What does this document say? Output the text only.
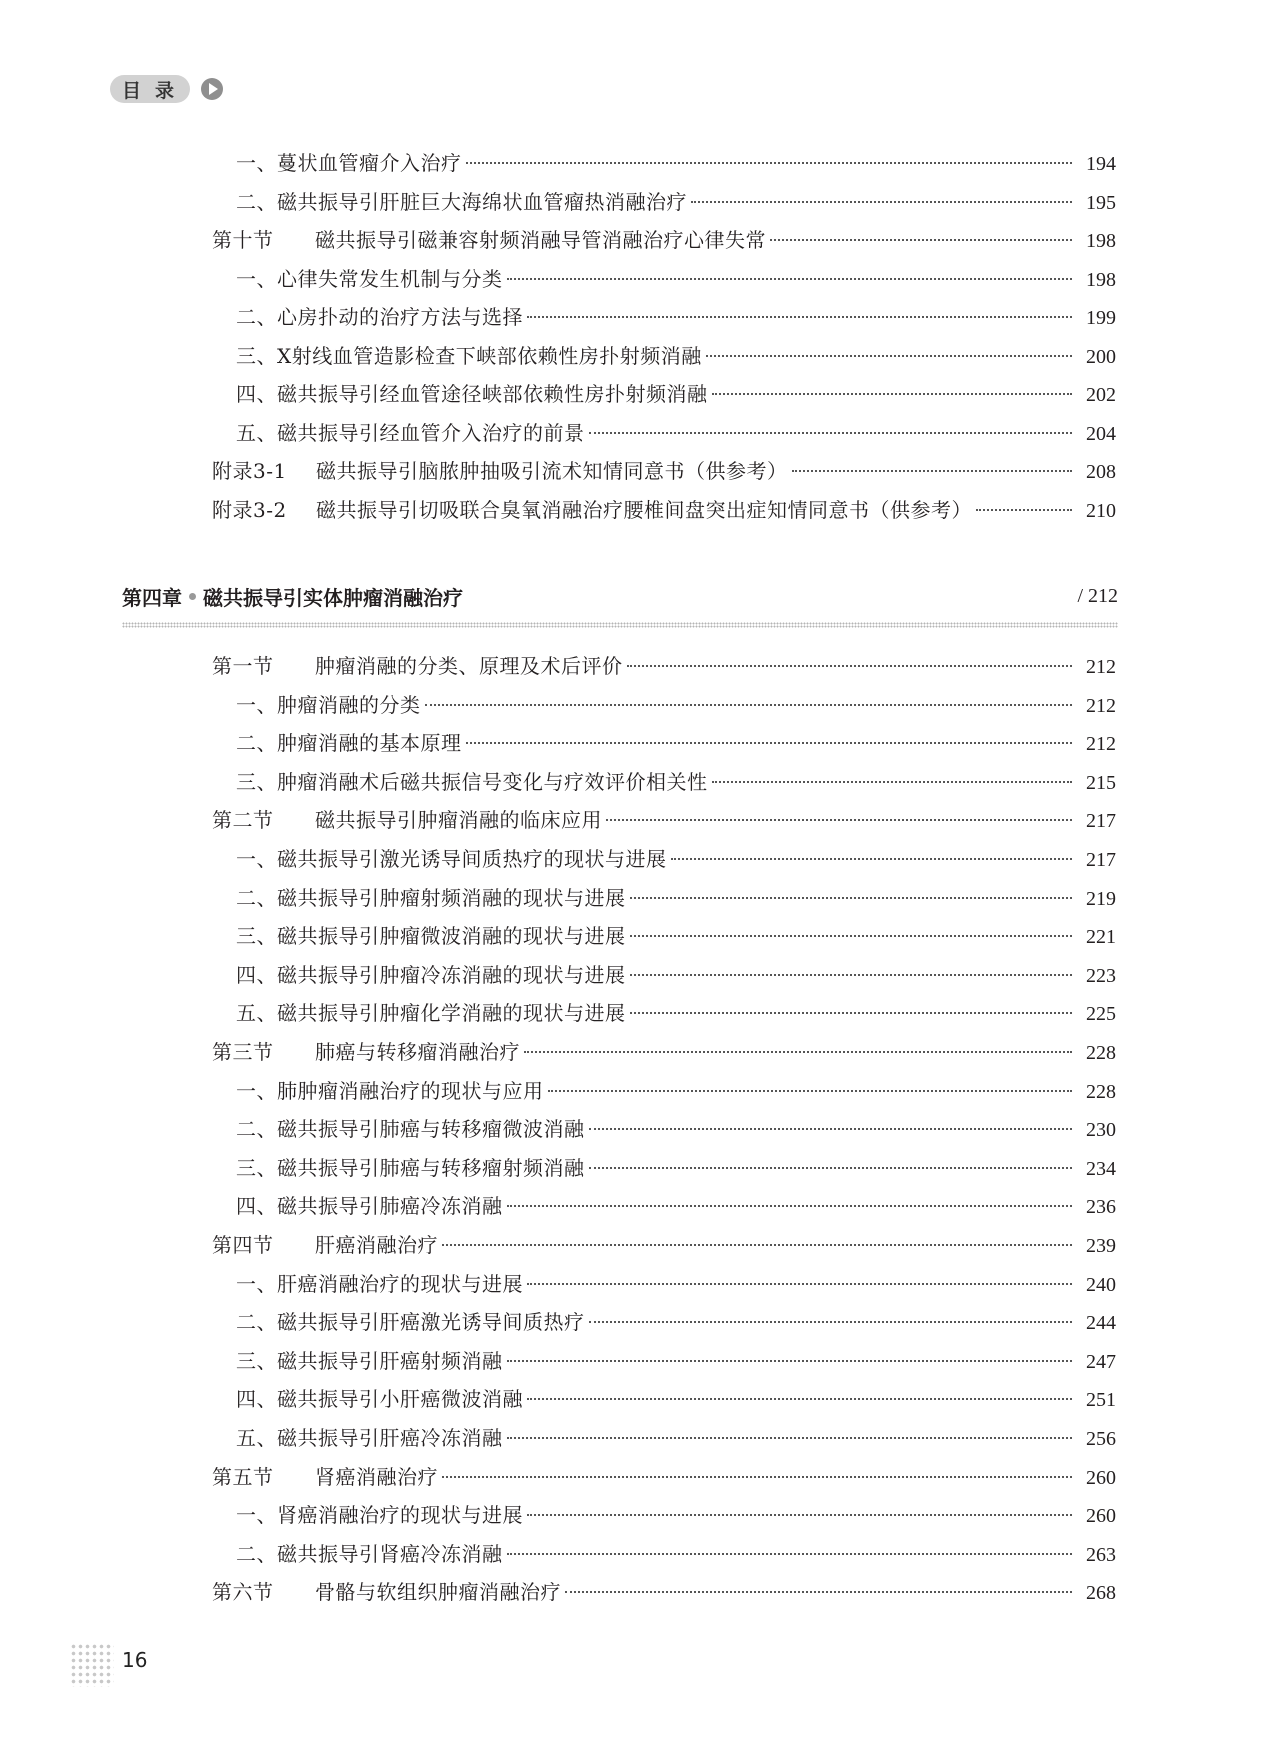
目录
一、蔓状血管瘤介入治疗	194
二、磁共振导引肝脏巨大海绵状血管瘤热消融治疗	195
第十节 磁共振导引磁兼容射频消融导管消融治疗心律失常	198
一、心律失常发生机制与分类	198
二、心房扑动的治疗方法与选择	199
三、X射线血管造影检查下峡部依赖性房扑射频消融	200
四、磁共振导引经血管途径峡部依赖性房扑射频消融	202
五、磁共振导引经血管介入治疗的前景	204
附录3-1 磁共振导引脑脓肿抽吸引流术知情同意书（供参考）	208
附录3-2 磁共振导引切吸联合臭氧消融治疗腰椎间盘突出症知情同意书（供参考）	210
第四章 磁共振导引实体肿瘤消融治疗	/ 212
第一节 肿瘤消融的分类、原理及术后评价	212
一、肿瘤消融的分类	212
二、肿瘤消融的基本原理	212
三、肿瘤消融术后磁共振信号变化与疗效评价相关性	215
第二节 磁共振导引肿瘤消融的临床应用	217
一、磁共振导引激光诱导间质热疗的现状与进展	217
二、磁共振导引肿瘤射频消融的现状与进展	219
三、磁共振导引肿瘤微波消融的现状与进展	221
四、磁共振导引肿瘤冷冻消融的现状与进展	223
五、磁共振导引肿瘤化学消融的现状与进展	225
第三节 肺癌与转移瘤消融治疗	228
一、肺肿瘤消融治疗的现状与应用	228
二、磁共振导引肺癌与转移瘤微波消融	230
三、磁共振导引肺癌与转移瘤射频消融	234
四、磁共振导引肺癌冷冻消融	236
第四节 肝癌消融治疗	239
一、肝癌消融治疗的现状与进展	240
二、磁共振导引肝癌激光诱导间质热疗	244
三、磁共振导引肝癌射频消融	247
四、磁共振导引小肝癌微波消融	251
五、磁共振导引肝癌冷冻消融	256
第五节 肾癌消融治疗	260
一、肾癌消融治疗的现状与进展	260
二、磁共振导引肾癌冷冻消融	263
第六节 骨骼与软组织肿瘤消融治疗	268
16
